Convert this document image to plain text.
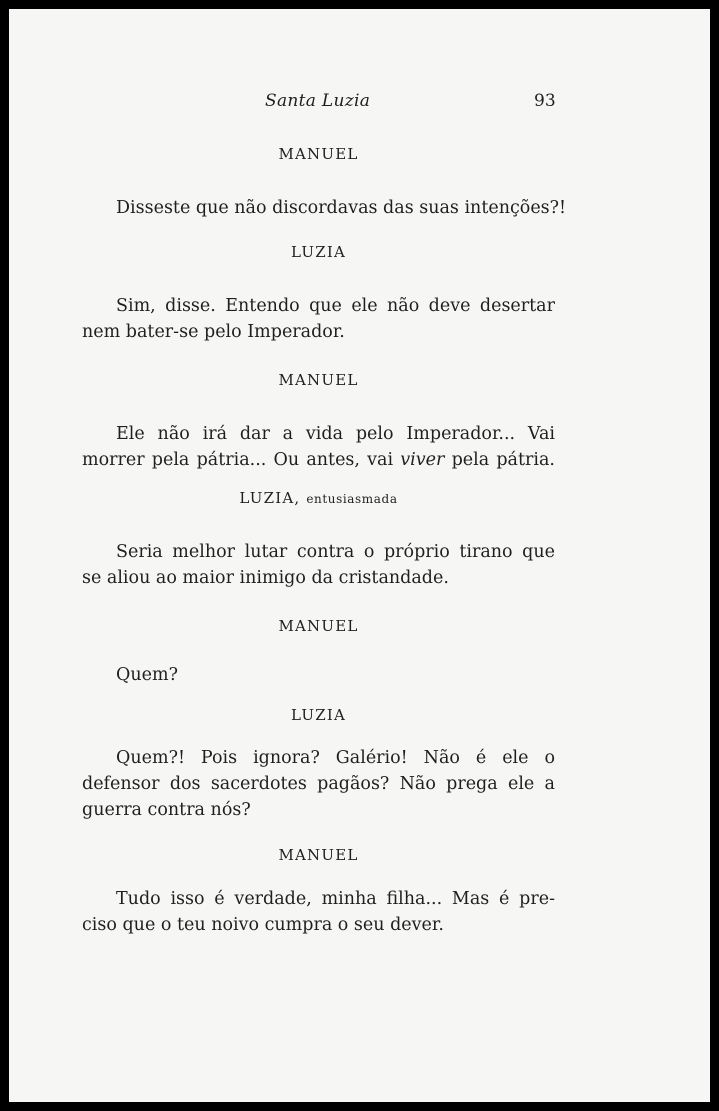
Santa Luzia	93
MANUEL
Disseste que não discordavas das suas intenções?!
LUZIA
Sim, disse. Entendo que ele não deve desertar
nem bater-se pelo Imperador.
MANUEL
Ele não irá dar a vida pelo Imperador... Vai
morrer pela pátria... Ou antes, vai viver pela pátria.
LUZIA, entusiasmada
Seria melhor lutar contra o próprio tirano que
se aliou ao maior inimigo da cristandade.
MANUEL
Quem?
LUZIA
Quem?! Pois ignora? Galério! Não é ele o
defensor dos sacerdotes pagãos? Não prega ele a
guerra contra nós?
MANUEL
Tudo isso é verdade, minha filha... Mas é pre-
ciso que o teu noivo cumpra o seu dever.
